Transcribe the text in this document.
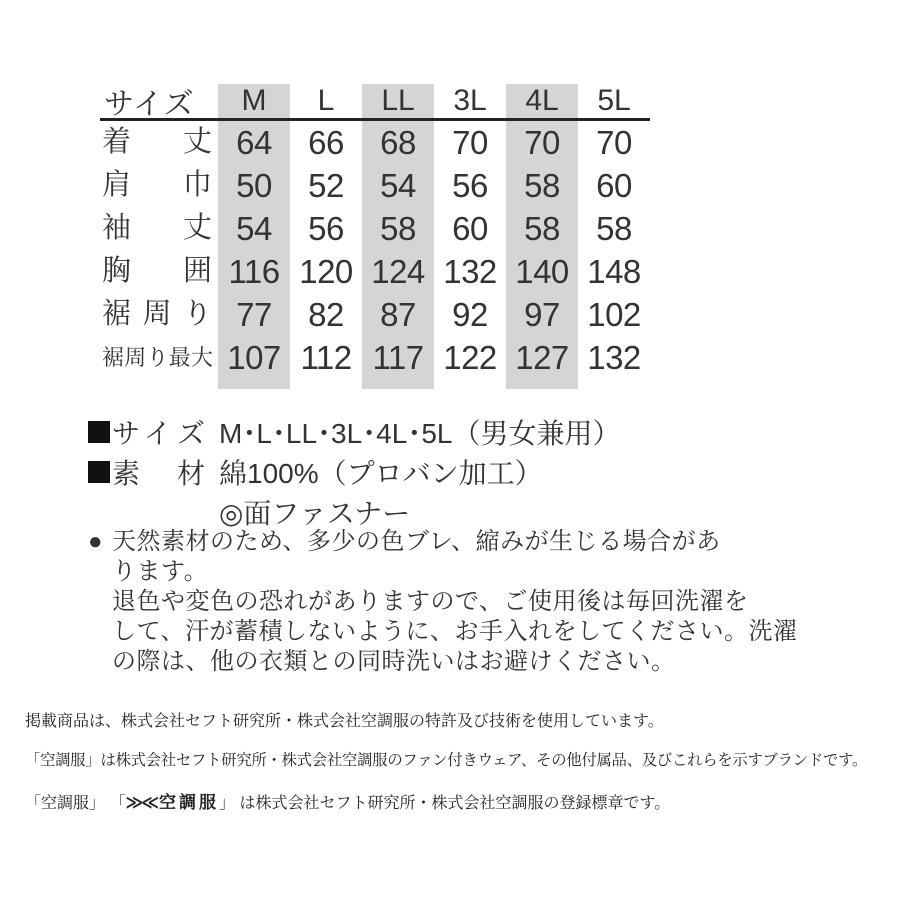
サイズ	M	L	LL	3L	4L	5L
着　丈 64	66	68	70	70	70
肩　巾 50	52	54	56	58	60
袖　丈 54	56	58	60	58	58
胸　囲 116 120 124 132 140 148
裾周り 77	82	87	92	97 102
裾周り最大 107 112 117 122 127 132
サイズ M･L･LL･3L･4L･5L（男女兼用）
素　材 綿100%（プロバン加工）
◎面ファスナー
● 天然素材のため、多少の色ブレ、縮みが生じる場合があります。
退色や変色の恐れがありますので、ご使用後は毎回洗濯を
して、汗が蓄積しないように、お手入れをしてください。洗濯
の際は、他の衣類との同時洗いはお避けください。
掲載商品は、株式会社セフト研究所・株式会社空調服の特許及び技術を使用しています。
「空調服」は株式会社セフト研究所・株式会社空調服のファン付きウェア、その他付属品、及びこれらを示すブランドです。
「空調服」 「≫≪ 空調服」 は株式会社セフト研究所・株式会社空調服の登録標章です。
